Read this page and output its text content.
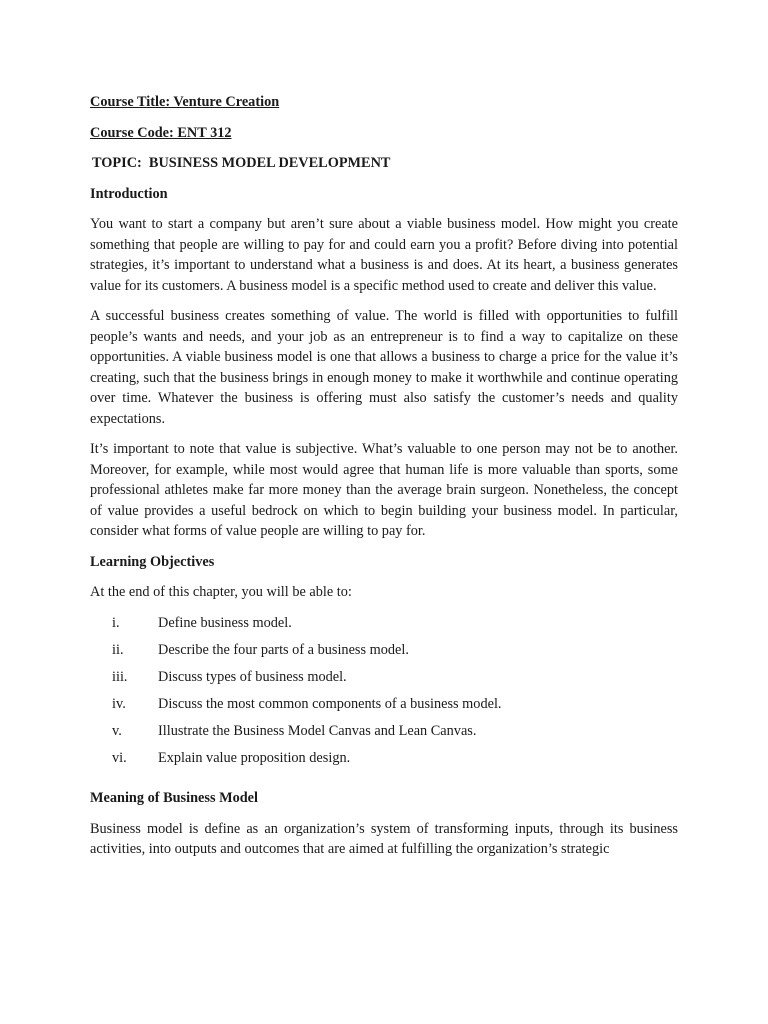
Course Title: Venture Creation

Course Code: ENT 312

TOPIC:  BUSINESS MODEL DEVELOPMENT

Introduction

You want to start a company but aren’t sure about a viable business model. How might you create something that people are willing to pay for and could earn you a profit? Before diving into potential strategies, it’s important to understand what a business is and does. At its heart, a business generates value for its customers. A business model is a specific method used to create and deliver this value.

A successful business creates something of value. The world is filled with opportunities to fulfill people’s wants and needs, and your job as an entrepreneur is to find a way to capitalize on these opportunities. A viable business model is one that allows a business to charge a price for the value it’s creating, such that the business brings in enough money to make it worthwhile and continue operating over time. Whatever the business is offering must also satisfy the customer’s needs and quality expectations.

It’s important to note that value is subjective. What’s valuable to one person may not be to another. Moreover, for example, while most would agree that human life is more valuable than sports, some professional athletes make far more money than the average brain surgeon. Nonetheless, the concept of value provides a useful bedrock on which to begin building your business model. In particular, consider what forms of value people are willing to pay for.

Learning Objectives

At the end of this chapter, you will be able to:

i.	Define business model.
ii.	Describe the four parts of a business model.
iii.	Discuss types of business model.
iv.	Discuss the most common components of a business model.
v.	Illustrate the Business Model Canvas and Lean Canvas.
vi.	Explain value proposition design.

Meaning of Business Model

Business model is define as an organization’s system of transforming inputs, through its business activities, into outputs and outcomes that are aimed at fulfilling the organization’s strategic
